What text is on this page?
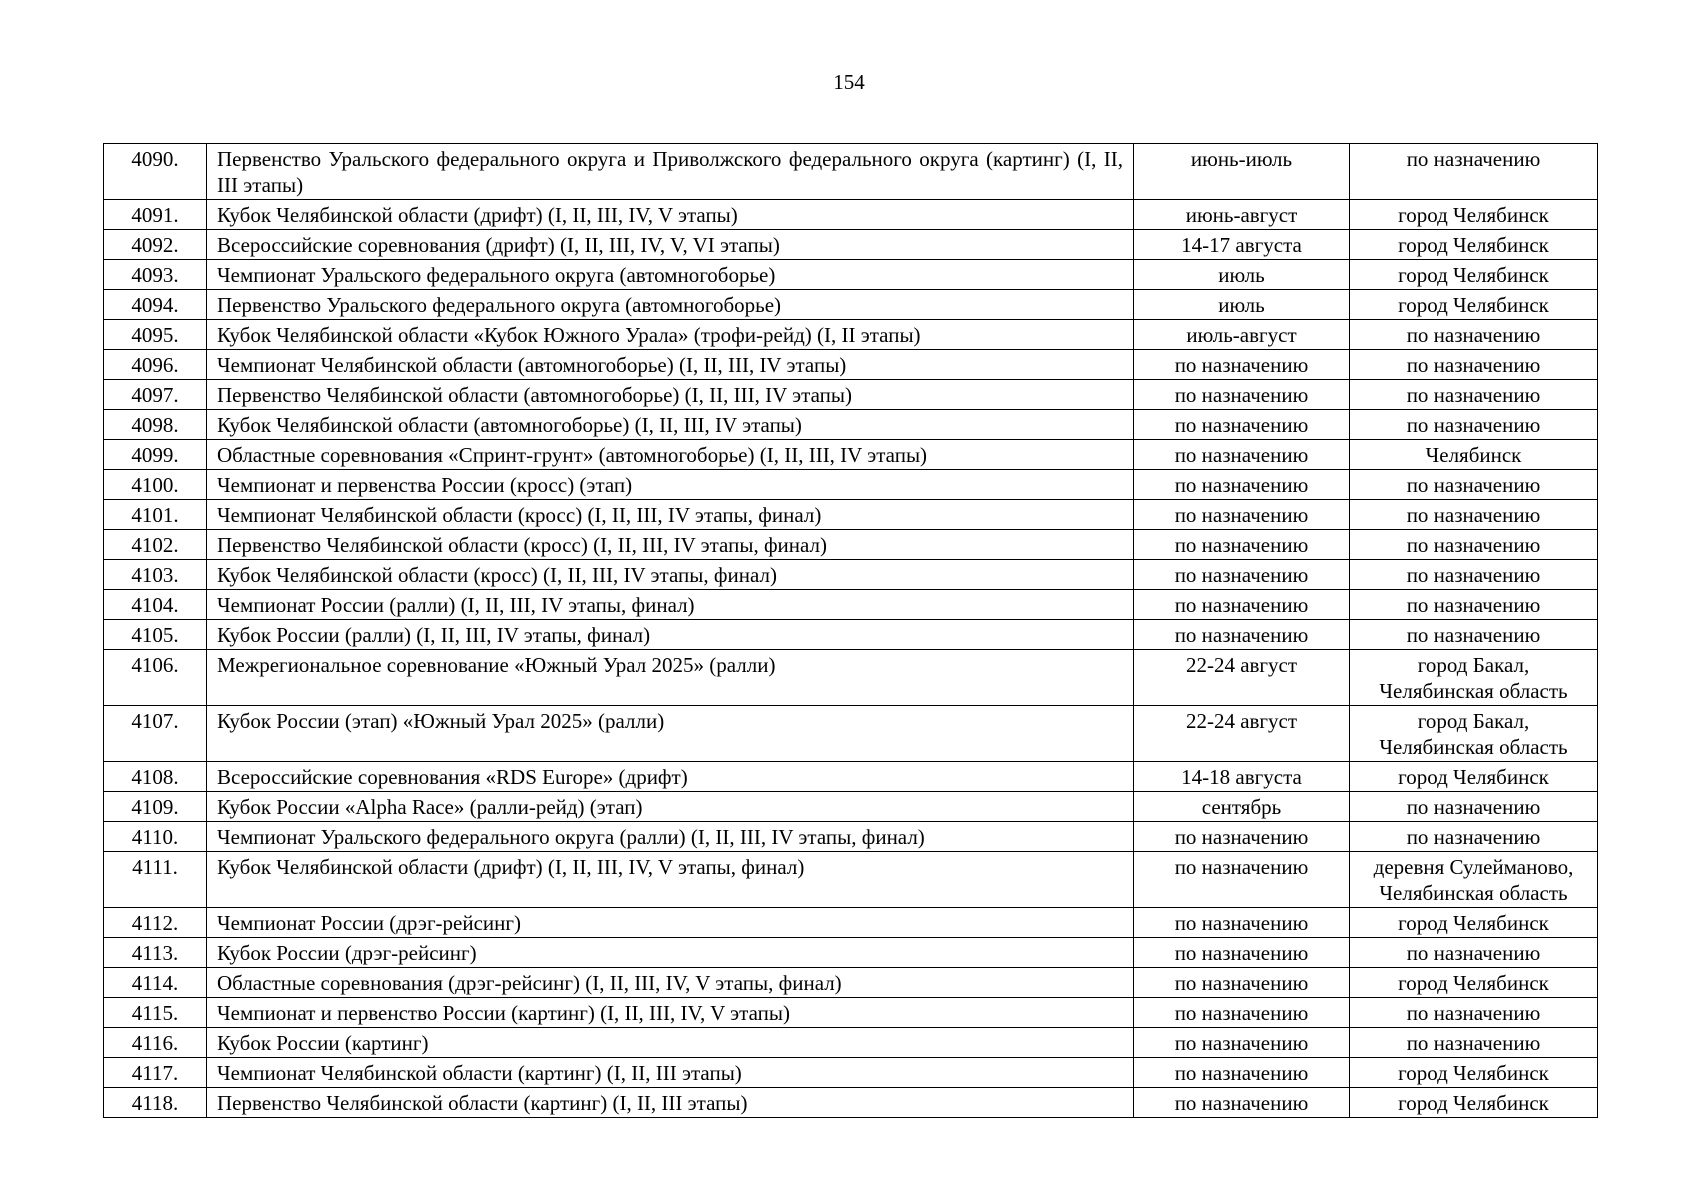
154
4090.	Первенство Уральского федерального округа и Приволжского федерального округа (картинг) (I, II, III этапы)	июнь-июль	по назначению
4091.	Кубок Челябинской области (дрифт) (I, II, III, IV, V этапы)	июнь-август	город Челябинск
4092.	Всероссийские соревнования (дрифт) (I, II, III, IV, V, VI этапы)	14-17 августа	город Челябинск
4093.	Чемпионат Уральского федерального округа (автомногоборье)	июль	город Челябинск
4094.	Первенство Уральского федерального округа (автомногоборье)	июль	город Челябинск
4095.	Кубок Челябинской области «Кубок Южного Урала» (трофи-рейд) (I, II этапы)	июль-август	по назначению
4096.	Чемпионат Челябинской области (автомногоборье) (I, II, III, IV этапы)	по назначению	по назначению
4097.	Первенство Челябинской области (автомногоборье) (I, II, III, IV этапы)	по назначению	по назначению
4098.	Кубок Челябинской области (автомногоборье) (I, II, III, IV этапы)	по назначению	по назначению
4099.	Областные соревнования «Спринт-грунт» (автомногоборье) (I, II, III, IV этапы)	по назначению	Челябинск
4100.	Чемпионат и первенства России (кросс) (этап)	по назначению	по назначению
4101.	Чемпионат Челябинской области (кросс) (I, II, III, IV этапы, финал)	по назначению	по назначению
4102.	Первенство Челябинской области (кросс) (I, II, III, IV этапы, финал)	по назначению	по назначению
4103.	Кубок Челябинской области (кросс) (I, II, III, IV этапы, финал)	по назначению	по назначению
4104.	Чемпионат России (ралли) (I, II, III, IV этапы, финал)	по назначению	по назначению
4105.	Кубок России (ралли) (I, II, III, IV этапы, финал)	по назначению	по назначению
4106.	Межрегиональное соревнование «Южный Урал 2025» (ралли)	22-24 август	город Бакал, Челябинская область
4107.	Кубок России (этап) «Южный Урал 2025» (ралли)	22-24 август	город Бакал, Челябинская область
4108.	Всероссийские соревнования «RDS Europe» (дрифт)	14-18 августа	город Челябинск
4109.	Кубок России «Alpha Race» (ралли-рейд) (этап)	сентябрь	по назначению
4110.	Чемпионат Уральского федерального округа (ралли) (I, II, III, IV этапы, финал)	по назначению	по назначению
4111.	Кубок Челябинской области (дрифт) (I, II, III, IV, V этапы, финал)	по назначению	деревня Сулейманово, Челябинская область
4112.	Чемпионат России (дрэг-рейсинг)	по назначению	город Челябинск
4113.	Кубок России (дрэг-рейсинг)	по назначению	по назначению
4114.	Областные соревнования (дрэг-рейсинг) (I, II, III, IV, V этапы, финал)	по назначению	город Челябинск
4115.	Чемпионат и первенство России (картинг) (I, II, III, IV, V этапы)	по назначению	по назначению
4116.	Кубок России (картинг)	по назначению	по назначению
4117.	Чемпионат Челябинской области (картинг) (I, II, III этапы)	по назначению	город Челябинск
4118.	Первенство Челябинской области (картинг) (I, II, III этапы)	по назначению	город Челябинск
